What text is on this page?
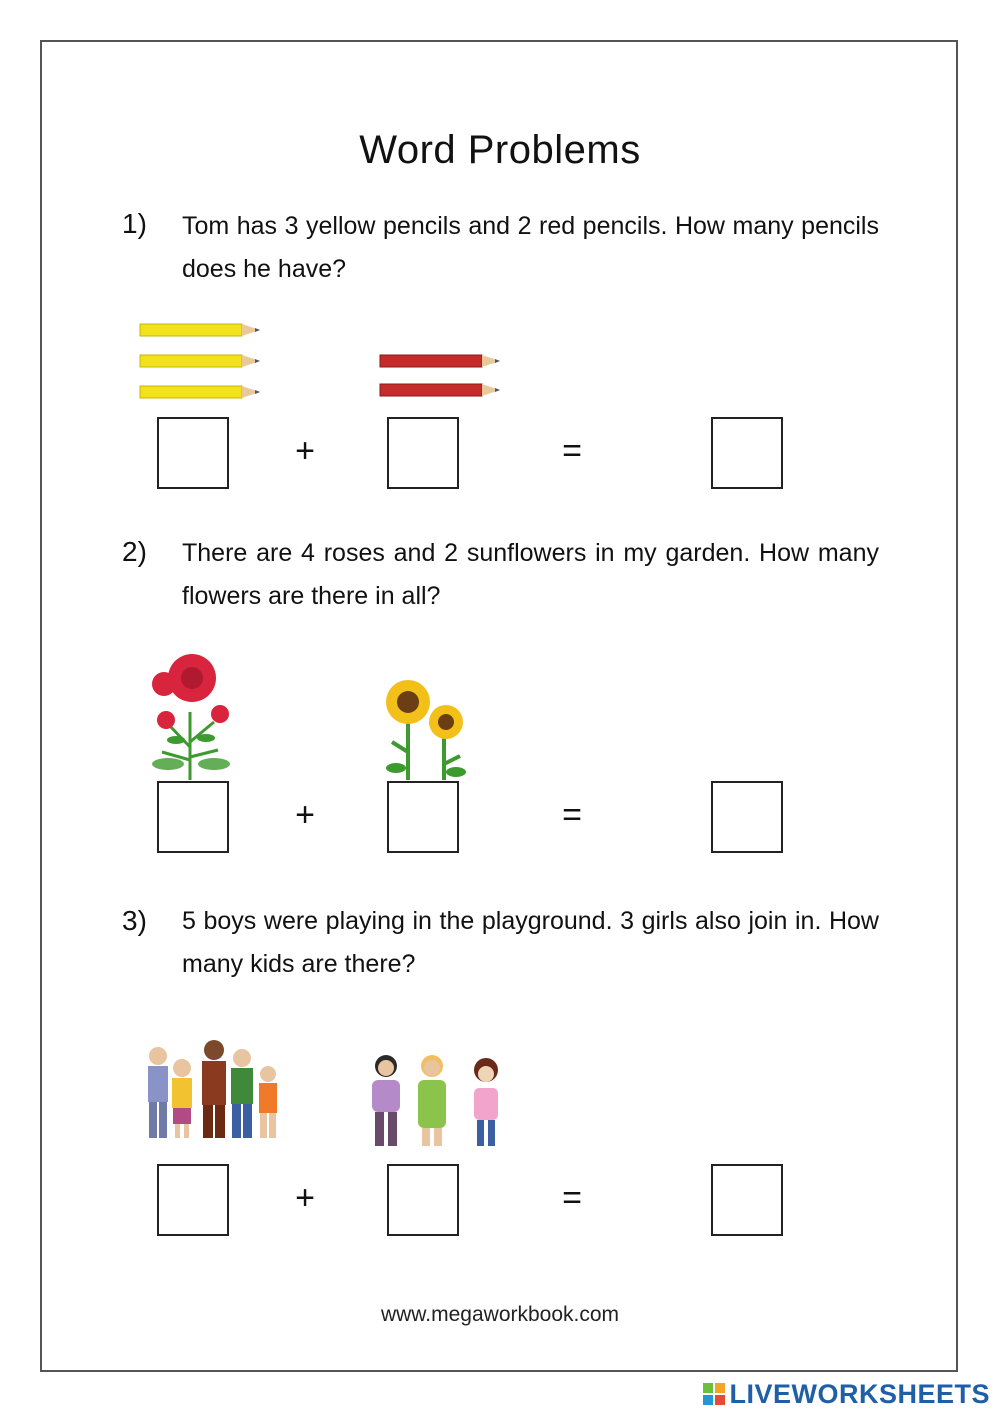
Word Problems
1) Tom has 3 yellow pencils and 2 red pencils. How many pencils does he have?
+	=
2) There are 4 roses and 2 sunflowers in my garden. How many flowers are there in all?
+	=
3) 5 boys were playing in the playground. 3 girls also join in. How many kids are there?
+	=
www.megaworkbook.com
LIVEWORKSHEETS
